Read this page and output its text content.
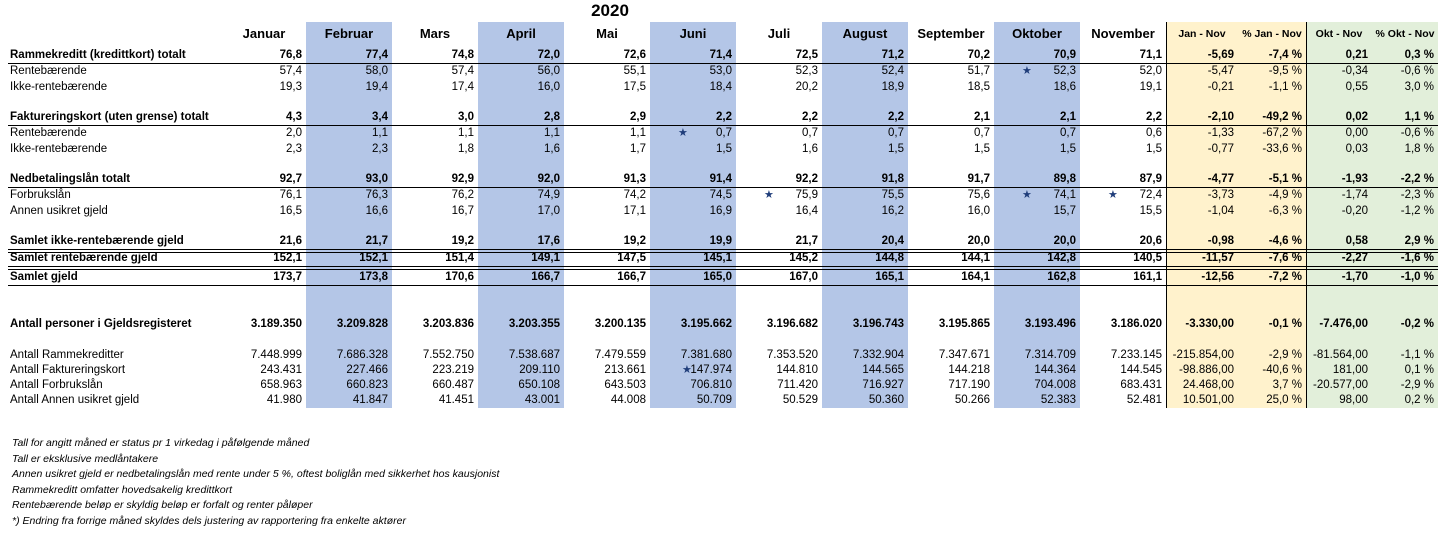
2020
Januar	Februar	Mars	April	Mai	Juni	Juli	August	September	Oktober	November	Jan - Nov	% Jan - Nov	Okt - Nov	% Okt - Nov
Rammekreditt (kredittkort) totalt	76,8	77,4	74,8	72,0	72,6	71,4	72,5	71,2	70,2	70,9	71,1	-5,69	-7,4 %	0,21	0,3 %
Rentebærende	57,4	58,0	57,4	56,0	55,1	53,0	52,3	52,4	51,7	52,3	52,0	-5,47	-9,5 %	-0,34	-0,6 %
★
Ikke-rentebærende	19,3	19,4	17,4	16,0	17,5	18,4	20,2	18,9	18,5	18,6	19,1	-0,21	-1,1 %	0,55	3,0 %
Faktureringskort (uten grense) totalt	4,3	3,4	3,0	2,8	2,9	2,2	2,2	2,2	2,1	2,1	2,2	-2,10	-49,2 %	0,02	1,1 %
Rentebærende	2,0	1,1	1,1	1,1	1,1	0,7	0,7	0,7	0,7	0,7	0,6	-1,33	-67,2 %	0,00	-0,6 %
★
Ikke-rentebærende	2,3	2,3	1,8	1,6	1,7	1,5	1,6	1,5	1,5	1,5	1,5	-0,77	-33,6 %	0,03	1,8 %
Nedbetalingslån totalt	92,7	93,0	92,9	92,0	91,3	91,4	92,2	91,8	91,7	89,8	87,9	-4,77	-5,1 %	-1,93	-2,2 %
Forbrukslån	76,1	76,3	76,2	74,9	74,2	74,5	75,9	75,5	75,6	74,1	72,4	-3,73	-4,9 %	-1,74	-2,3 %
★	★	★
Annen usikret gjeld	16,5	16,6	16,7	17,0	17,1	16,9	16,4	16,2	16,0	15,7	15,5	-1,04	-6,3 %	-0,20	-1,2 %
Samlet ikke-rentebærende gjeld	21,6	21,7	19,2	17,6	19,2	19,9	21,7	20,4	20,0	20,0	20,6	-0,98	-4,6 %	0,58	2,9 %
Samlet rentebærende gjeld	152,1	152,1	151,4	149,1	147,5	145,1	145,2	144,8	144,1	142,8	140,5	-11,57	-7,6 %	-2,27	-1,6 %
Samlet gjeld	173,7	173,8	170,6	166,7	166,7	165,0	167,0	165,1	164,1	162,8	161,1	-12,56	-7,2 %	-1,70	-1,0 %
Antall personer i Gjeldsregisteret	3.189.350	3.209.828	3.203.836	3.203.355	3.200.135	3.195.662	3.196.682	3.196.743	3.195.865	3.193.496	3.186.020	-3.330,00	-0,1 %	-7.476,00	-0,2 %
Antall Rammekreditter	7.448.999	7.686.328	7.552.750	7.538.687	7.479.559	7.381.680	7.353.520	7.332.904	7.347.671	7.314.709	7.233.145 -215.854,00	-2,9 % -81.564,00	-1,1 %
Antall Faktureringskort	243.431	227.466	223.219	209.110	213.661	147.974	144.810	144.565	144.218	144.364	144.545	-98.886,00	-40,6 %	181,00	0,1 %
★
Antall Forbrukslån	658.963	660.823	660.487	650.108	643.503	706.810	711.420	716.927	717.190	704.008	683.431	24.468,00	3,7 % -20.577,00	-2,9 %
Antall Annen usikret gjeld	41.980	41.847	41.451	43.001	44.008	50.709	50.529	50.360	50.266	52.383	52.481	10.501,00	25,0 %	98,00	0,2 %
Tall for angitt måned er status pr 1 virkedag i påfølgende måned
Tall er eksklusive medlåntakere
Annen usikret gjeld er nedbetalingslån med rente under 5 %, oftest boliglån med sikkerhet hos kausjonist
Rammekreditt omfatter hovedsakelig kredittkort
Rentebærende beløp er skyldig beløp er forfalt og renter påløper
*) Endring fra forrige måned skyldes dels justering av rapportering fra enkelte aktører
